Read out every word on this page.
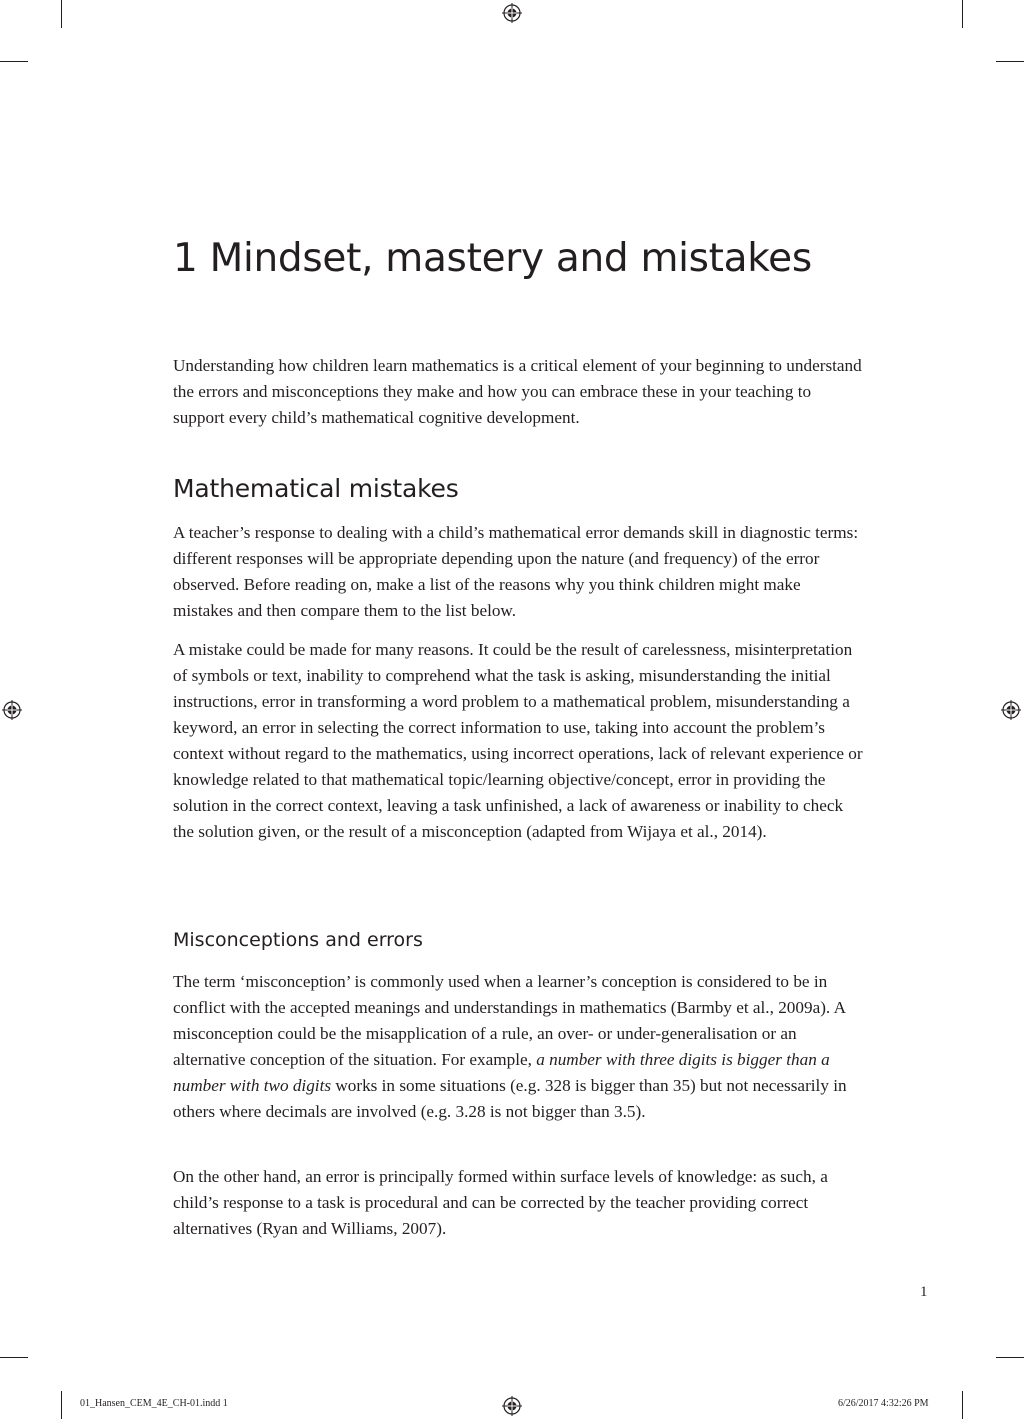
1 Mindset, mastery and mistakes

Understanding how children learn mathematics is a critical element of your beginning to understand the errors and misconceptions they make and how you can embrace these in your teaching to support every child’s mathematical cognitive development.

Mathematical mistakes

A teacher’s response to dealing with a child’s mathematical error demands skill in diagnostic terms: different responses will be appropriate depending upon the nature (and frequency) of the error observed. Before reading on, make a list of the reasons why you think children might make mistakes and then compare them to the list below.

A mistake could be made for many reasons. It could be the result of carelessness, misinterpretation of symbols or text, inability to comprehend what the task is asking, misunderstanding the initial instructions, error in transforming a word problem to a mathematical problem, misunderstanding a keyword, an error in selecting the correct information to use, taking into account the problem’s context without regard to the mathematics, using incorrect operations, lack of relevant experience or knowledge related to that mathematical topic/learning objective/concept, error in providing the solution in the correct context, leaving a task unfinished, a lack of awareness or inability to check the solution given, or the result of a misconception (adapted from Wijaya et al., 2014).

Misconceptions and errors

The term ‘misconception’ is commonly used when a learner’s conception is considered to be in conflict with the accepted meanings and understandings in mathematics (Barmby et al., 2009a). A misconception could be the misapplication of a rule, an over- or under-generalisation or an alternative conception of the situation. For example, a number with three digits is bigger than a number with two digits works in some situations (e.g. 328 is bigger than 35) but not necessarily in others where decimals are involved (e.g. 3.28 is not bigger than 3.5).

On the other hand, an error is principally formed within surface levels of knowledge: as such, a child’s response to a task is procedural and can be corrected by the teacher providing correct alternatives (Ryan and Williams, 2007).

1
01_Hansen_CEM_4E_CH-01.indd 1	6/26/2017 4:32:26 PM
